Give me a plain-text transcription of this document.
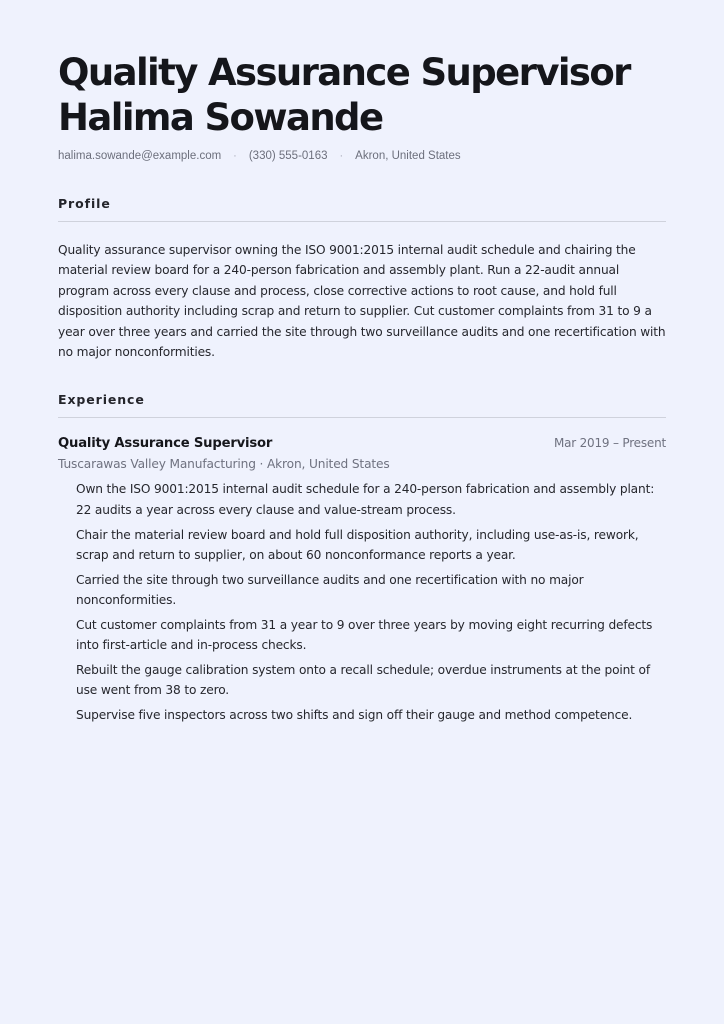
Quality Assurance Supervisor
Halima Sowande
halima.sowande@example.com · (330) 555-0163 · Akron, United States
Profile

Quality assurance supervisor owning the ISO 9001:2015 internal audit schedule and chairing the material review board for a 240-person fabrication and assembly plant. Run a 22-audit annual program across every clause and process, close corrective actions to root cause, and hold full disposition authority including scrap and return to supplier. Cut customer complaints from 31 to 9 a year over three years and carried the site through two surveillance audits and one recertification with no major nonconformities.

Experience
Quality Assurance Supervisor	Mar 2019 – Present
Tuscarawas Valley Manufacturing · Akron, United States
Own the ISO 9001:2015 internal audit schedule for a 240-person fabrication and assembly plant: 22 audits a year across every clause and value-stream process.
Chair the material review board and hold full disposition authority, including use-as-is, rework, scrap and return to supplier, on about 60 nonconformance reports a year.
Carried the site through two surveillance audits and one recertification with no major nonconformities.
Cut customer complaints from 31 a year to 9 over three years by moving eight recurring defects into first-article and in-process checks.
Rebuilt the gauge calibration system onto a recall schedule; overdue instruments at the point of use went from 38 to zero.
Supervise five inspectors across two shifts and sign off their gauge and method competence.
